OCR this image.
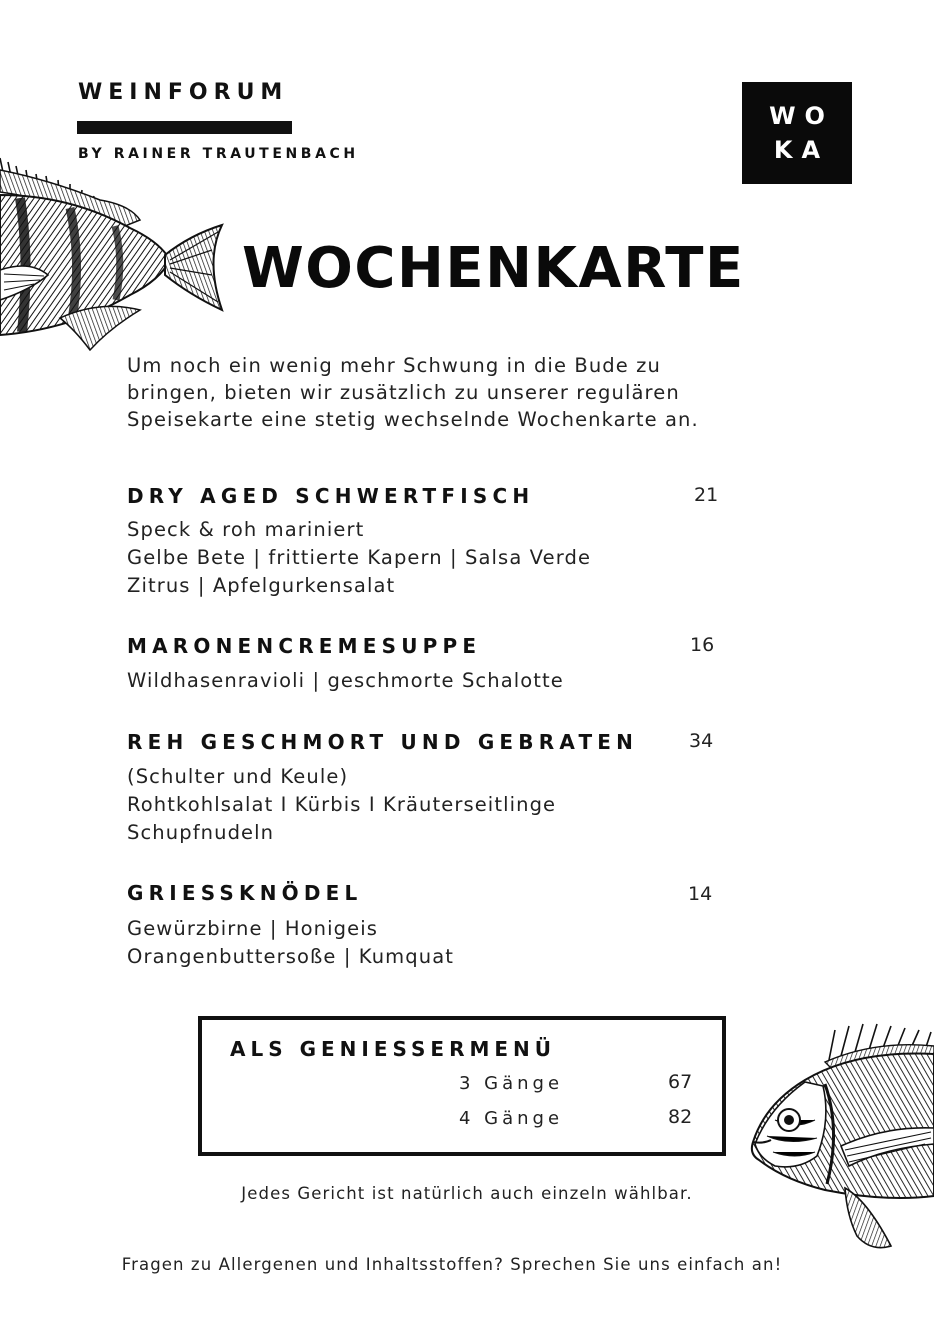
WEINFORUM
BY RAINER TRAUTENBACH
WO
KA
WOCHENKARTE
Um noch ein wenig mehr Schwung in die Bude zu
bringen, bieten wir zusätzlich zu unserer regulären
Speisekarte eine stetig wechselnde Wochenkarte an.
DRY AGED SCHWERTFISCH	21
Speck & roh mariniert
Gelbe Bete | frittierte Kapern | Salsa Verde
Zitrus | Apfelgurkensalat
MARONENCREMESUPPE	16
Wildhasenravioli | geschmorte Schalotte
REH GESCHMORT UND GEBRATEN	34
(Schulter und Keule)
Rohtkohlsalat I Kürbis I Kräuterseitlinge
Schupfnudeln
GRIESSKNÖDEL	14
Gewürzbirne | Honigeis
Orangenbuttersoße | Kumquat
ALS GENIESSERMENÜ
3 Gänge	67
4 Gänge	82
Jedes Gericht ist natürlich auch einzeln wählbar.
Fragen zu Allergenen und Inhaltsstoffen? Sprechen Sie uns einfach an!
